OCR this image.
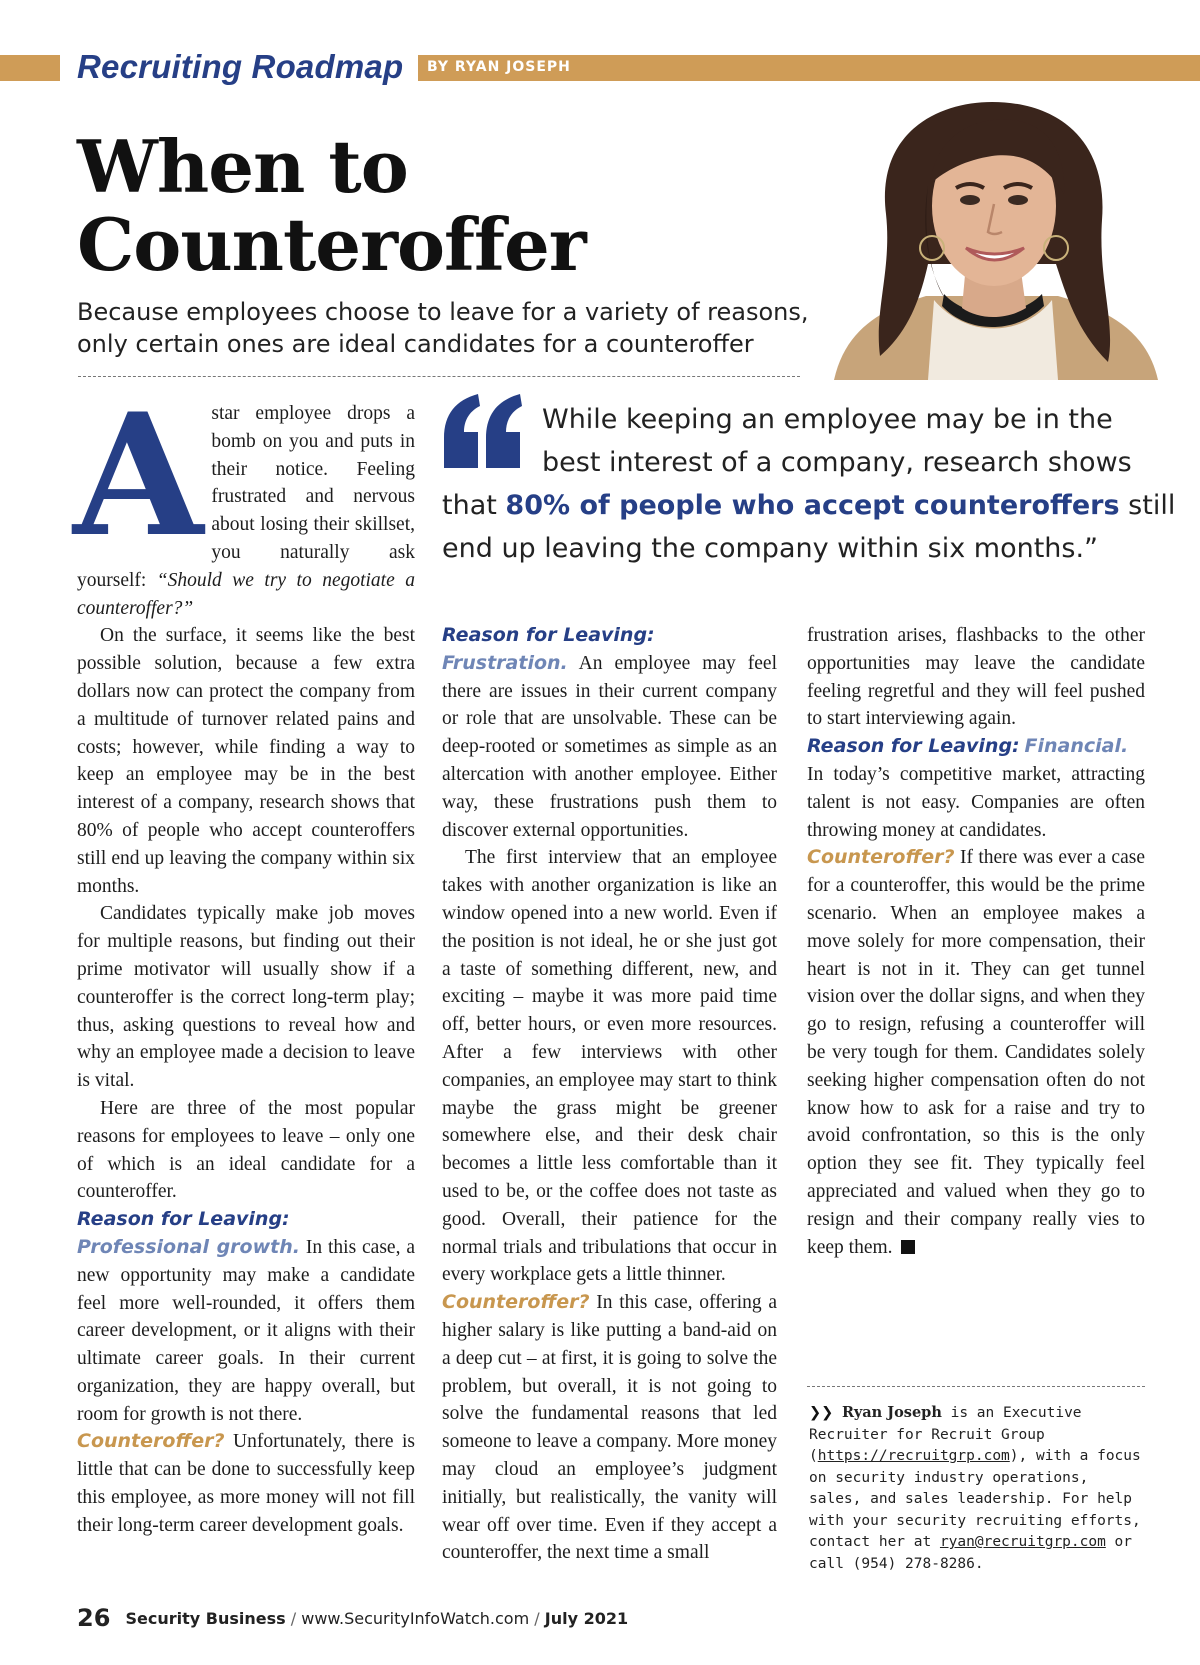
Recruiting Roadmap BY RYAN JOSEPH
When to
Counteroffer
Because employees choose to leave for a variety of reasons,
only certain ones are ideal candidates for a counteroffer
While keeping an employee may be in the
best interest of a company, research shows
that 80% of people who accept counteroffers still
end up leaving the company within six months.”

Astar employee drops a bomb on you and puts in their notice. Feeling frustrated and nervous about losing their skillset, you naturally ask yourself: “Should we try to negotiate a counteroffer?”

On the surface, it seems like the best possible solution, because a few extra dollars now can protect the company from a multitude of turnover related pains and costs; however, while finding a way to keep an employee may be in the best interest of a company, research shows that 80% of people who accept counteroffers still end up leaving the company within six months.

Candidates typically make job moves for multiple reasons, but finding out their prime motivator will usually show if a counteroffer is the correct long-term play; thus, asking questions to reveal how and why an employee made a decision to leave is vital.

Here are three of the most popular reasons for employees to leave – only one of which is an ideal candidate for a counteroffer.

Reason for Leaving:

Professional growth. In this case, a new opportunity may make a candidate feel more well-rounded, it offers them career development, or it aligns with their ultimate career goals. In their current organization, they are happy overall, but room for growth is not there.

Counteroffer? Unfortunately, there is little that can be done to successfully keep this employee, as more money will not fill their long-term career development goals.

Reason for Leaving:

Frustration. An employee may feel there are issues in their current company or role that are unsolvable. These can be deep-rooted or sometimes as simple as an altercation with another employee. Either way, these frustrations push them to discover external opportunities.

The first interview that an employee takes with another organization is like an window opened into a new world. Even if the position is not ideal, he or she just got a taste of something different, new, and exciting – maybe it was more paid time off, better hours, or even more resources. After a few interviews with other companies, an employee may start to think maybe the grass might be greener somewhere else, and their desk chair becomes a little less comfortable than it used to be, or the coffee does not taste as good. Overall, their patience for the normal trials and tribulations that occur in every workplace gets a little thinner.

Counteroffer? In this case, offering a higher salary is like putting a band-aid on a deep cut – at first, it is going to solve the problem, but overall, it is not going to solve the fundamental reasons that led someone to leave a company. More money may cloud an employee’s judgment initially, but realistically, the vanity will wear off over time. Even if they accept a counteroffer, the next time a small

frustration arises, flashbacks to the other opportunities may leave the candidate feeling regretful and they will feel pushed to start interviewing again.

Reason for Leaving: Financial.

In today’s competitive market, attracting talent is not easy. Companies are often throwing money at candidates.

Counteroffer? If there was ever a case for a counteroffer, this would be the prime scenario. When an employee makes a move solely for more compensation, their heart is not in it. They can get tunnel vision over the dollar signs, and when they go to resign, refusing a counteroffer will be very tough for them. Candidates solely seeking higher compensation often do not know how to ask for a raise and try to avoid confrontation, so this is the only option they see fit. They typically feel appreciated and valued when they go to resign and their company really vies to keep them.

❯❯ Ryan Joseph is an Executive Recruiter for Recruit Group (https://recruitgrp.com), with a focus on security industry operations, sales, and sales leadership. For help with your security recruiting efforts, contact her at ryan@recruitgrp.com or call (954) 278-8286.
26 Security Business / www.SecurityInfoWatch.com / July 2021
